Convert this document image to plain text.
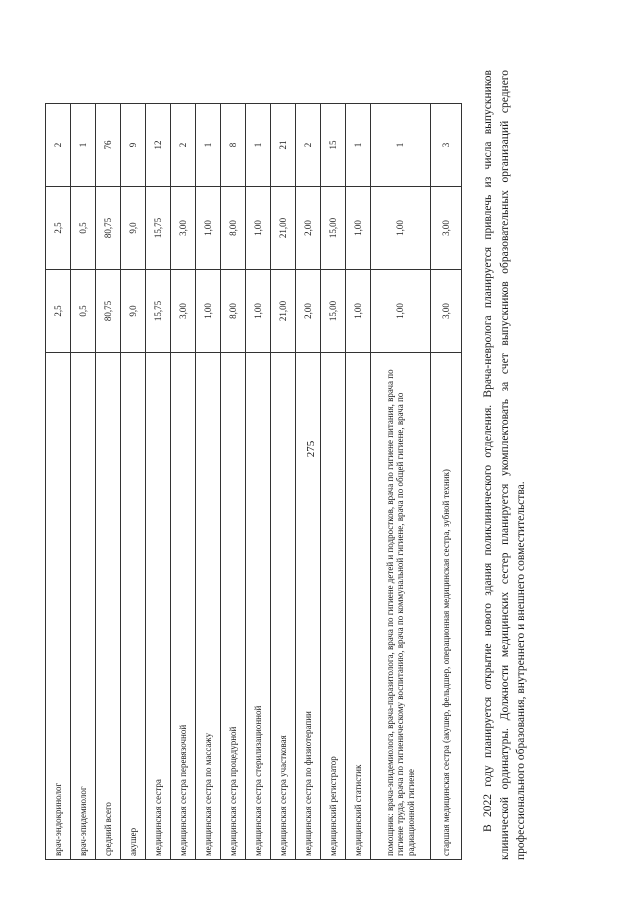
275
врач-эндокринолог	2,5	2,5	2
врач-эпидемиолог	0,5	0,5	1
средний всего	80,75	80,75	76
акушер	9,0	9,0	9
медицинская сестра	15,75	15,75	12
медицинская сестра перевязочной	3,00	3,00	2
медицинская сестра по массажу	1,00	1,00	1
медицинская сестра процедурной	8,00	8,00	8
медицинская сестра стерилизационной	1,00	1,00	1
медицинская сестра участковая	21,00	21,00	21
медицинская сестра по физиотерапии	2,00	2,00	2
медицинский регистратор	15,00	15,00	15
медицинский статистик	1,00	1,00	1
помощник: врача-эпидемиолога, врача-паразитолога, врача по гигиене детей и подростков, врача по гигиене питания, врача по гигиене труда, врача по гигиеническому воспитанию, врача по коммунальной гигиене, врача по общей гигиене, врача по радиационной гигиене	1,00	1,00	1
старшая медицинская сестра (акушер, фельдшер, операционная медицинская сестра, зубной техник)	3,00	3,00	3	В 2022 году планируется открытие нового здания поликлинического отделения. Врача-невролога планируется привлечь из числа выпускников клинической ординатуры. Должности медицинских сестер планируется укомплектовать за счет выпускников образовательных организаций среднего профессионального образования, внутреннего и внешнего совместительства.
